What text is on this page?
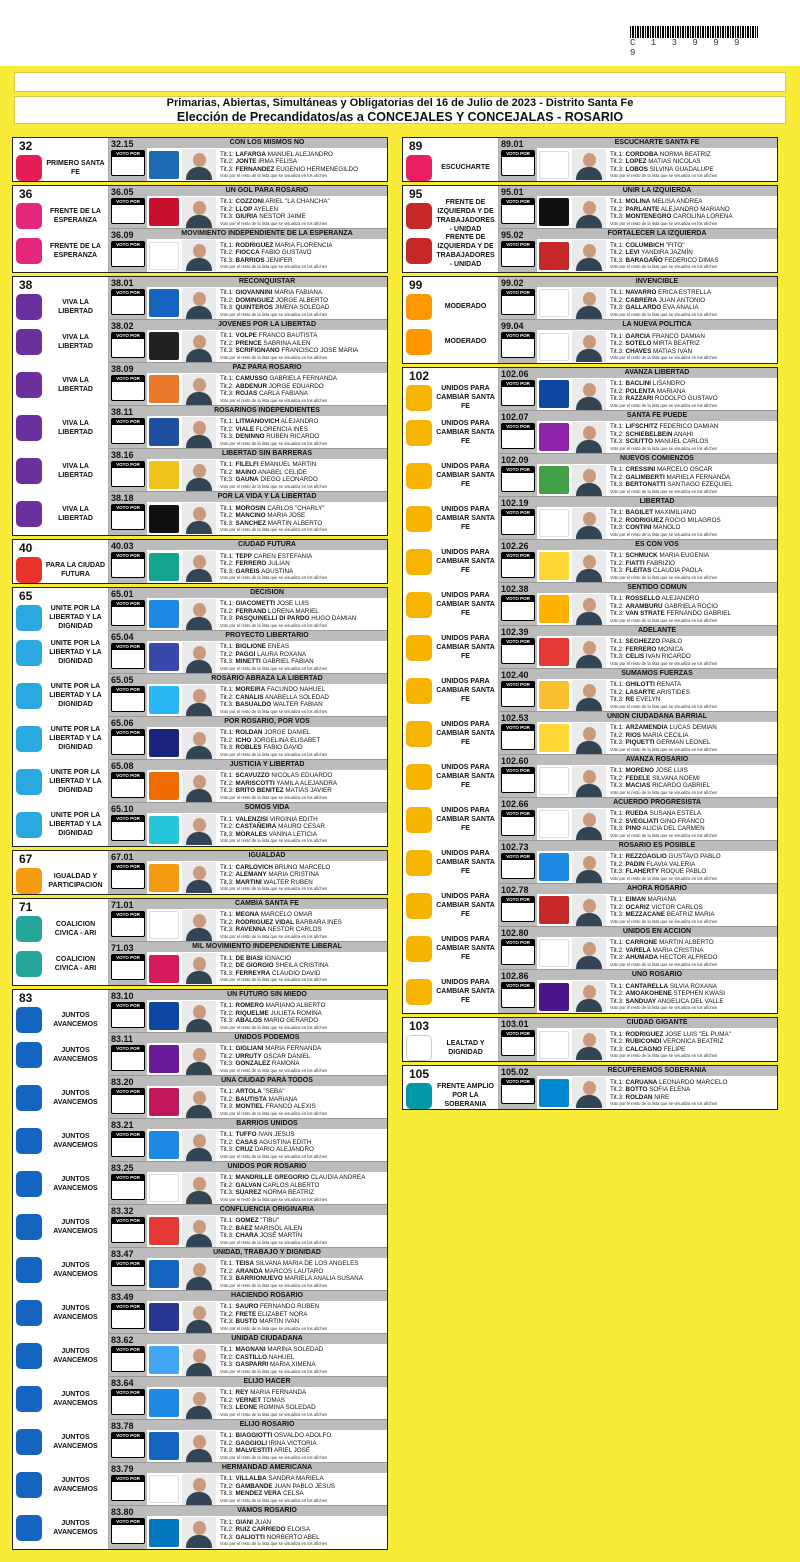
C 1 3 9 9 9 9
Primarias, Abiertas, Simultáneas y Obligatorias del 16 de Julio de 2023 - Distrito Santa Fe
Elección de Precandidatos/as a CONCEJALES Y CONCEJALAS - ROSARIO
32
PRIMERO SANTA FE
32.15
VOTO POR
CON LOS MISMOS NO
Tit.1: LAFARGA MANUEL ALEJANDRO
Tit.2: JONTE IRMA FELISA
Tit.3: FERNANDEZ EUGENIO HERMENEGILDO
Voto por el resto de la lista que se visualiza en los afiches
36
FRENTE DE LA ESPERANZA
FRENTE DE LA ESPERANZA
36.05
VOTO POR
UN GOL PARA ROSARIO
Tit.1: COZZONI ARIEL "LA CHANCHA"
Tit.2: LLOP AYELEN
Tit.3: GIURIA NESTOR JAIME
Voto por el resto de la lista que se visualiza en los afiches
36.09
VOTO POR
MOVIMIENTO INDEPENDIENTE DE LA ESPERANZA
Tit.1: RODRIGUEZ MARIA FLORENCIA
Tit.2: FIOCCA FABIO GUSTAVO
Tit.3: BARRIOS JENIFER
Voto por el resto de la lista que se visualiza en los afiches
38
VIVA LA LIBERTAD
VIVA LA LIBERTAD
VIVA LA LIBERTAD
VIVA LA LIBERTAD
VIVA LA LIBERTAD
VIVA LA LIBERTAD
38.01
VOTO POR
RECONQUISTAR
Tit.1: GIOVANNINI MARIA FABIANA
Tit.2: DOMINGUEZ JORGE ALBERTO
Tit.3: QUINTEROS JIMENA SOLEDAD
Voto por el resto de la lista que se visualiza en los afiches
38.02
VOTO POR
JOVENES POR LA LIBERTAD
Tit.1: VOLPE FRANCO BAUTISTA
Tit.2: PRENCE SABRINA AILEN
Tit.3: SCRIFIGNANO FRANCISCO JOSE MARIA
Voto por el resto de la lista que se visualiza en los afiches
38.09
VOTO POR
PAZ PARA ROSARIO
Tit.1: CAMUSSO GABRIELA FERNANDA
Tit.2: ABDENUR JORGE EDUARDO
Tit.3: ROJAS CARLA FABIANA
Voto por el resto de la lista que se visualiza en los afiches
38.11
VOTO POR
ROSARINOS INDEPENDIENTES
Tit.1: LITMANOVICH ALEJANDRO
Tit.2: VIALE FLORENCIA INES
Tit.3: DENINNO RUBEN RICARDO
Voto por el resto de la lista que se visualiza en los afiches
38.16
VOTO POR
LIBERTAD SIN BARRERAS
Tit.1: FILELFI EMANUEL MARTIN
Tit.2: MAINO ANABEL CELIDE
Tit.3: GAUNA DIEGO LEONARDO
Voto por el resto de la lista que se visualiza en los afiches
38.18
VOTO POR
POR LA VIDA Y LA LIBERTAD
Tit.1: MOROSIN CARLOS "CHARLY"
Tit.2: MANCINO MARIA JOSE
Tit.3: SANCHEZ MARTIN ALBERTO
Voto por el resto de la lista que se visualiza en los afiches
40
PARA LA CIUDAD FUTURA
40.03
VOTO POR
CIUDAD FUTURA
Tit.1: TEPP CAREN ESTEFANIA
Tit.2: FERRERO JULIAN
Tit.3: GAREIS AGUSTINA
Voto por el resto de la lista que se visualiza en los afiches
65
UNITE POR LA LIBERTAD Y LA DIGNIDAD
UNITE POR LA LIBERTAD Y LA DIGNIDAD
UNITE POR LA LIBERTAD Y LA DIGNIDAD
UNITE POR LA LIBERTAD Y LA DIGNIDAD
UNITE POR LA LIBERTAD Y LA DIGNIDAD
UNITE POR LA LIBERTAD Y LA DIGNIDAD
65.01
VOTO POR
DECISION
Tit.1: GIACOMETTI JOSE LUIS
Tit.2: FERRAND LORENA MARIEL
Tit.3: PASQUINELLI DI PARDO HUGO DAMIAN
Voto por el resto de la lista que se visualiza en los afiches
65.04
VOTO POR
PROYECTO LIBERTARIO
Tit.1: BIGLIONE ENEAS
Tit.2: PAGGI LAURA ROXANA
Tit.3: MINETTI GABRIEL FABIAN
Voto por el resto de la lista que se visualiza en los afiches
65.05
VOTO POR
ROSARIO ABRAZA LA LIBERTAD
Tit.1: MOREIRA FACUNDO NAHUEL
Tit.2: CANALIS ANABELLA SOLEDAD
Tit.3: BASUALDO WALTER FABIAN
Voto por el resto de la lista que se visualiza en los afiches
65.06
VOTO POR
POR ROSARIO, POR VOS
Tit.1: ROLDAN JORGE DANIEL
Tit.2: ICHO JORGELINA ELISABET
Tit.3: ROBLES FABIO DAVID
Voto por el resto de la lista que se visualiza en los afiches
65.08
VOTO POR
JUSTICIA Y LIBERTAD
Tit.1: SCAVUZZO NICOLÁS EDUARDO
Tit.2: MARISCOTTI YAMILA ALEJANDRA
Tit.3: BRITO BENITEZ MATIAS JAVIER
Voto por el resto de la lista que se visualiza en los afiches
65.10
VOTO POR
SOMOS VIDA
Tit.1: VALENZISI VIRGINIA EDITH
Tit.2: CASTAÑEIRA MAURO CESAR
Tit.3: MORALES VANINA LETICIA
Voto por el resto de la lista que se visualiza en los afiches
67
IGUALDAD Y PARTICIPACION
67.01
VOTO POR
IGUALDAD
Tit.1: CARLOVICH BRUNO MARCELO
Tit.2: ALEMANY MARIA CRISTINA
Tit.3: MARTINI WALTER RUBEN
Voto por el resto de la lista que se visualiza en los afiches
71
COALICION CIVICA - ARI
COALICION CIVICA - ARI
71.01
VOTO POR
CAMBIA SANTA FE
Tit.1: MEGNA MARCELO OMAR
Tit.2: RODRIGUEZ VIDAL BARBARA INES
Tit.3: RAVENNA NESTOR CARLOS
Voto por el resto de la lista que se visualiza en los afiches
71.03
VOTO POR
MIL MOVIMIENTO INDEPENDIENTE LIBERAL
Tit.1: DE BIASI IGNACIO
Tit.2: DE GIORGIO SHEILA CRISTINA
Tit.3: FERREYRA CLAUDIO DAVID
Voto por el resto de la lista que se visualiza en los afiches
83
JUNTOS AVANCEMOS
JUNTOS AVANCEMOS
JUNTOS AVANCEMOS
JUNTOS AVANCEMOS
JUNTOS AVANCEMOS
JUNTOS AVANCEMOS
JUNTOS AVANCEMOS
JUNTOS AVANCEMOS
JUNTOS AVANCEMOS
JUNTOS AVANCEMOS
JUNTOS AVANCEMOS
JUNTOS AVANCEMOS
JUNTOS AVANCEMOS
83.10
VOTO POR
UN FUTURO SIN MIEDO
Tit.1: ROMERO MARIANO ALBERTO
Tit.2: RIQUELME JULIETA ROMINA
Tit.3: ABALOS MARIO GERARDO
Voto por el resto de la lista que se visualiza en los afiches
83.11
VOTO POR
UNIDOS PODEMOS
Tit.1: GIGLIANI MARIA FERNANDA
Tit.2: URRUTY OSCAR DANIEL
Tit.3: GONZALEZ RAMONA
Voto por el resto de la lista que se visualiza en los afiches
83.20
VOTO POR
UNA CIUDAD PARA TODOS
Tit.1: ARTOLA "SEBA"
Tit.2: BAUTISTA MARIANA
Tit.3: MONTIEL FRANCO ALEXIS
Voto por el resto de la lista que se visualiza en los afiches
83.21
VOTO POR
BARRIOS UNIDOS
Tit.1: TUFFO IVAN JESUS
Tit.2: CASAS AGUSTINA EDITH
Tit.3: CRUZ DARIO ALEJANDRO
Voto por el resto de la lista que se visualiza en los afiches
83.25
VOTO POR
UNIDOS POR ROSARIO
Tit.1: MANDRILLE GREGORIO CLAUDIA ANDREA
Tit.2: GALVAN CARLOS ALBERTO
Tit.3: SUAREZ NORMA BEATRIZ
Voto por el resto de la lista que se visualiza en los afiches
83.32
VOTO POR
CONFLUENCIA ORIGINARIA
Tit.1: GOMEZ "TIBU"
Tit.2: BAEZ MARISOL AILEN
Tit.3: CHARA JOSÉ MARTÍN
Voto por el resto de la lista que se visualiza en los afiches
83.47
VOTO POR
UNIDAD, TRABAJO Y DIGNIDAD
Tit.1: TEISA SILVANA MARIA DE LOS ANGELES
Tit.2: ARANDA MARCOS LAUTARO
Tit.3: BARRIONUEVO MARIELA ANALIA SUSANA
Voto por el resto de la lista que se visualiza en los afiches
83.49
VOTO POR
HACIENDO ROSARIO
Tit.1: SAURO FERNANDO RUBEN
Tit.2: FRETE ELIZABET NORA
Tit.3: BUSTO MARTIN IVAN
Voto por el resto de la lista que se visualiza en los afiches
83.62
VOTO POR
UNIDAD CIUDADANA
Tit.1: MAGNANI MARINA SOLEDAD
Tit.2: CASTILLO NAHUEL
Tit.3: GASPARRI MARIA XIMENA
Voto por el resto de la lista que se visualiza en los afiches
83.64
VOTO POR
ELIJO HACER
Tit.1: REY MARIA FERNANDA
Tit.2: VERNET TOMAS
Tit.3: LEONE ROMINA SOLEDAD
Voto por el resto de la lista que se visualiza en los afiches
83.78
VOTO POR
ELIJO ROSARIO
Tit.1: BIAGGIOTTI OSVALDO ADOLFO
Tit.2: GAGGIOLI IRINA VICTORIA
Tit.3: MALVESTITI ARIEL JOSÉ
Voto por el resto de la lista que se visualiza en los afiches
83.79
VOTO POR
HERMANDAD AMERICANA
Tit.1: VILLALBA SANDRA MARIELA
Tit.2: GAMBANDE JUAN PABLO JESUS
Tit.3: MENDEZ VERA CELSA
Voto por el resto de la lista que se visualiza en los afiches
83.80
VOTO POR
VAMOS ROSARIO
Tit.1: GIANI JUAN
Tit.2: RUIZ CARRIEDO ELOISA
Tit.3: GALIOTTI NORBERTO ABEL
Voto por el resto de la lista que se visualiza en los afiches
89
ESCUCHARTE
89.01
VOTO POR
ESCUCHARTE SANTA FE
Tit.1: CORDOBA NORMA BEATRIZ
Tit.2: LOPEZ MATIAS NICOLAS
Tit.3: LOBOS SILVINA GUADALUPE
Voto por el resto de la lista que se visualiza en los afiches
95
FRENTE DE IZQUIERDA Y DE TRABAJADORES - UNIDAD
FRENTE DE IZQUIERDA Y DE TRABAJADORES - UNIDAD
95.01
VOTO POR
UNIR LA IZQUIERDA
Tit.1: MOLINA MELISA ANDREA
Tit.2: PARLANTE ALEJANDRO MARIANO
Tit.3: MONTENEGRO CAROLINA LORENA
Voto por el resto de la lista que se visualiza en los afiches
95.02
VOTO POR
FORTALECER LA IZQUIERDA
Tit.1: COLUMBICH "FITO"
Tit.2: LEVI YANDIRA JAZMÍN
Tit.3: BARAGAÑO FEDERICO DIMAS
Voto por el resto de la lista que se visualiza en los afiches
99
MODERADO
MODERADO
99.02
VOTO POR
INVENCIBLE
Tit.1: NAVARRO ERICA ESTRELLA
Tit.2: CABRERA JUAN ANTONIO
Tit.3: GALLARDO EVA ANALIA
Voto por el resto de la lista que se visualiza en los afiches
99.04
VOTO POR
LA NUEVA POLITICA
Tit.1: GARCIA FRANCO DAMIAN
Tit.2: SOTELO MIRTA BEATRIZ
Tit.3: CHAVES MATIAS IVAN
Voto por el resto de la lista que se visualiza en los afiches
102
UNIDOS PARA CAMBIAR SANTA FE
UNIDOS PARA CAMBIAR SANTA FE
UNIDOS PARA CAMBIAR SANTA FE
UNIDOS PARA CAMBIAR SANTA FE
UNIDOS PARA CAMBIAR SANTA FE
UNIDOS PARA CAMBIAR SANTA FE
UNIDOS PARA CAMBIAR SANTA FE
UNIDOS PARA CAMBIAR SANTA FE
UNIDOS PARA CAMBIAR SANTA FE
UNIDOS PARA CAMBIAR SANTA FE
UNIDOS PARA CAMBIAR SANTA FE
UNIDOS PARA CAMBIAR SANTA FE
UNIDOS PARA CAMBIAR SANTA FE
UNIDOS PARA CAMBIAR SANTA FE
UNIDOS PARA CAMBIAR SANTA FE
102.06
VOTO POR
AVANZA LIBERTAD
Tit.1: BACLINI LISANDRO
Tit.2: POLENTA MARIANA
Tit.3: RAZZARI RODOLFO GUSTAVO
Voto por el resto de la lista que se visualiza en los afiches
102.07
VOTO POR
SANTA FE PUEDE
Tit.1: LIFSCHITZ FEDERICO DAMIÁN
Tit.2: SCHIEBELBEIN ANAHI
Tit.3: SCIUTTO MANUEL CARLOS
Voto por el resto de la lista que se visualiza en los afiches
102.09
VOTO POR
NUEVOS COMIENZOS
Tit.1: CRESSINI MARCELO OSCAR
Tit.2: GALIMBERTI MARIELA FERNANDA
Tit.3: BERTONATTI SANTIAGO EZEQUIEL
Voto por el resto de la lista que se visualiza en los afiches
102.19
VOTO POR
LIBERTAD
Tit.1: BAGILET MAXIMILIANO
Tit.2: RODRIGUEZ ROCIO MILAGROS
Tit.3: CONTINI MANOLO
Voto por el resto de la lista que se visualiza en los afiches
102.26
VOTO POR
ES CON VOS
Tit.1: SCHMUCK MARIA EUGENIA
Tit.2: FIATTI FABRIZIO
Tit.3: FLEITAS CLAUDIA PAOLA
Voto por el resto de la lista que se visualiza en los afiches
102.38
VOTO POR
SENTIDO COMUN
Tit.1: ROSSELLO ALEJANDRO
Tit.2: ARAMBURU GABRIELA ROCIO
Tit.3: VAN STRATE FERNANDO GABRIEL
Voto por el resto de la lista que se visualiza en los afiches
102.39
VOTO POR
ADELANTE
Tit.1: SEGHEZZO PABLO
Tit.2: FERRERO MONICA
Tit.3: CELIS IVAN RICARDO
Voto por el resto de la lista que se visualiza en los afiches
102.40
VOTO POR
SUMAMOS FUERZAS
Tit.1: GHILOTTI RENATA
Tit.2: LASARTE ARISTIDES
Tit.3: RE EVELYN
Voto por el resto de la lista que se visualiza en los afiches
102.53
VOTO POR
UNION CIUDADANA BARRIAL
Tit.1: ARZAMENDIA LUCAS DEMIAN
Tit.2: RIOS MARIA CECILIA
Tit.3: PIQUETTI GERMAN LEONEL
Voto por el resto de la lista que se visualiza en los afiches
102.60
VOTO POR
AVANZA ROSARIO
Tit.1: MORENO JOSE LUIS
Tit.2: FEDELE SILVANA NOEMI
Tit.3: MACIAS RICARDO GABRIEL
Voto por el resto de la lista que se visualiza en los afiches
102.66
VOTO POR
ACUERDO PROGRESISTA
Tit.1: RUEDA SUSANA ESTELA
Tit.2: SVEGLIATI GINO FRANCO
Tit.3: PINO ALICIA DEL CARMEN
Voto por el resto de la lista que se visualiza en los afiches
102.73
VOTO POR
ROSARIO ES POSIBLE
Tit.1: REZZOAGLIO GUSTAVO PABLO
Tit.2: PADIN FLAVIA VALERIA
Tit.3: FLAHERTY ROQUE PABLO
Voto por el resto de la lista que se visualiza en los afiches
102.78
VOTO POR
AHORA ROSARIO
Tit.1: EIMAN MARIANA
Tit.2: OCARIZ VICTOR CARLOS
Tit.3: MEZZACANE BEATRIZ MARIA
Voto por el resto de la lista que se visualiza en los afiches
102.80
VOTO POR
UNIDOS EN ACCION
Tit.1: CARRONE MARTIN ALBERTO
Tit.2: VARELA MARIA CRISTINA
Tit.3: AHUMADA HECTOR ALFREDO
Voto por el resto de la lista que se visualiza en los afiches
102.86
VOTO POR
UNO ROSARIO
Tit.1: CANTARELLA SILVIA ROXANA
Tit.2: AMOAKOHENE STEPHEN KWASI
Tit.3: SANDUAY ANGELICA DEL VALLE
Voto por el resto de la lista que se visualiza en los afiches
103
LEALTAD Y DIGNIDAD
103.01
VOTO POR
CIUDAD GIGANTE
Tit.1: RODRIGUEZ JOSE LUIS "EL PUMA"
Tit.2: RUBICONDI VERONICA BEATRIZ
Tit.3: CALCAGNO FELIPE
Voto por el resto de la lista que se visualiza en los afiches
105
FRENTE AMPLIO POR LA SOBERANIA
105.02
VOTO POR
RECUPEREMOS SOBERANIA
Tit.1: CARUANA LEONARDO MARCELO
Tit.2: BOTTO SOFIA ELENA
Tit.3: ROLDAN NIRE
Voto por el resto de la lista que se visualiza en los afiches
